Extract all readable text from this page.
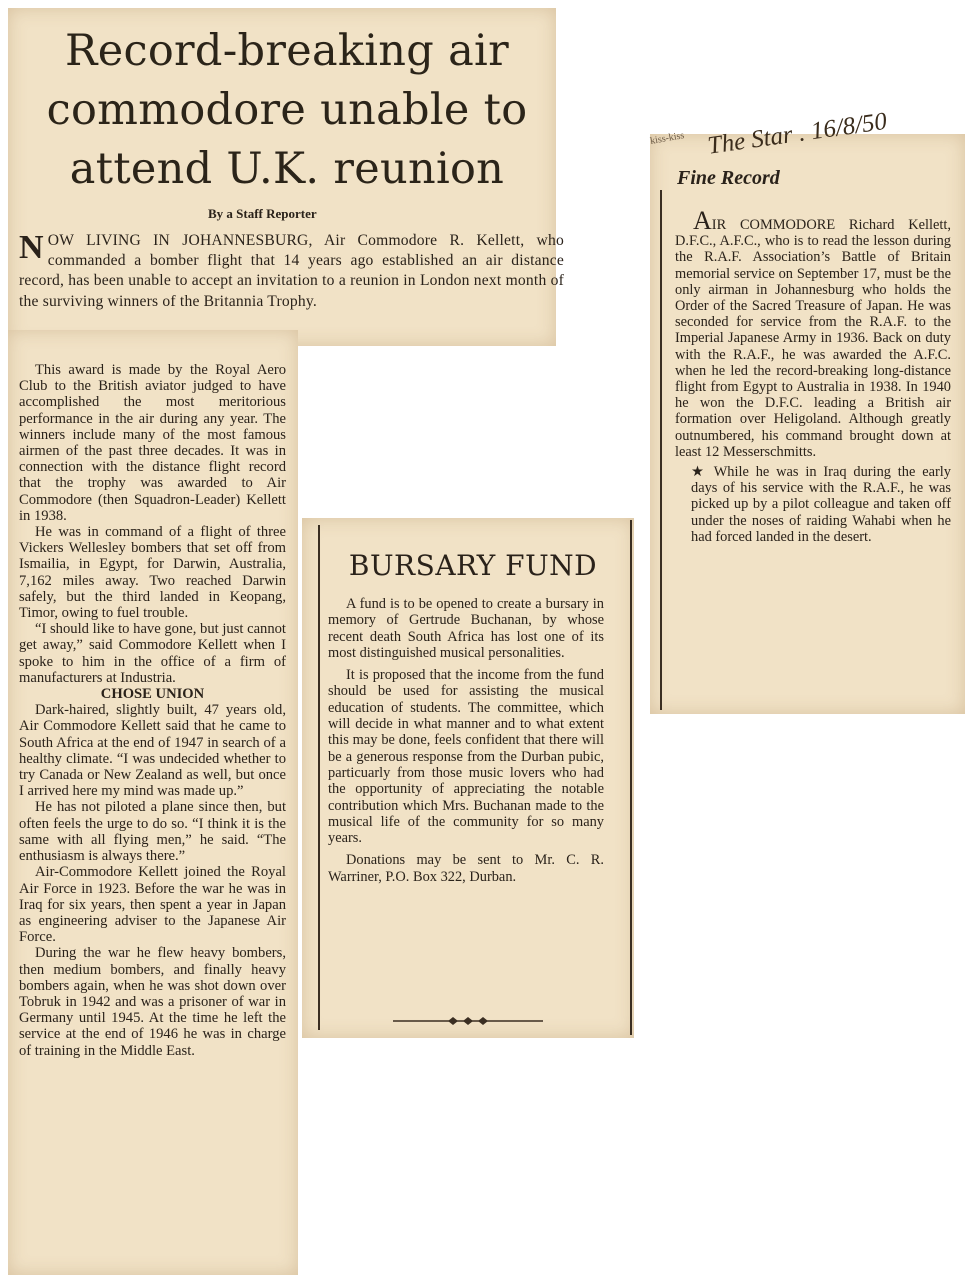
Record-breaking air
commodore unable to
attend U.K. reunion
By a Staff Reporter
NOW LIVING IN JOHANNESBURG, Air Commodore R. Kellett, who commanded a bomber flight that 14 years ago established an air distance record, has been unable to accept an invitation to a reunion in London next month of the surviving winners of the Britannia Trophy.

This award is made by the Royal Aero Club to the British aviator judged to have accomplished the most meritorious performance in the air during any year. The winners include many of the most famous airmen of the past three decades. It was in connection with the distance flight record that the trophy was awarded to Air Commodore (then Squadron-Leader) Kellett in 1938.

He was in command of a flight of three Vickers Wellesley bombers that set off from Ismailia, in Egypt, for Darwin, Australia, 7,162 miles away. Two reached Darwin safely, but the third landed in Keopang, Timor, owing to fuel trouble.

“I should like to have gone, but just cannot get away,” said Commodore Kellett when I spoke to him in the office of a firm of manufacturers at Industria.

CHOSE UNION

Dark-haired, slightly built, 47 years old, Air Commodore Kellett said that he came to South Africa at the end of 1947 in search of a healthy climate. “I was undecided whether to try Canada or New Zealand as well, but once I arrived here my mind was made up.”

He has not piloted a plane since then, but often feels the urge to do so. “I think it is the same with all flying men,” he said. “The enthusiasm is always there.”

Air-Commodore Kellett joined the Royal Air Force in 1923. Before the war he was in Iraq for six years, then spent a year in Japan as engineering adviser to the Japanese Air Force.

During the war he flew heavy bombers, then medium bombers, and finally heavy bombers again, when he was shot down over Tobruk in 1942 and was a prisoner of war in Germany until 1945. At the time he left the service at the end of 1946 he was in charge of training in the Middle East.

BURSARY FUND

A fund is to be opened to create a bursary in memory of Gertrude Buchanan, by whose recent death South Africa has lost one of its most distinguished musical personalities.

It is proposed that the income from the fund should be used for assisting the musical education of students. The committee, which will decide in what manner and to what extent this may be done, feels confident that there will be a generous response from the Durban pubic, particuarly from those music lovers who had the opportunity of appreciating the notable contribution which Mrs. Buchanan made to the musical life of the community for so many years.

Donations may be sent to Mr. C. R. Warriner, P.O. Box 322, Durban.

kiss-kiss The Star . 16/8/50
Fine Record

AIR COMMODORE Richard Kellett, D.F.C., A.F.C., who is to read the lesson during the R.A.F. Association’s Battle of Britain memorial service on September 17, must be the only airman in Johannesburg who holds the Order of the Sacred Treasure of Japan. He was seconded for service from the R.A.F. to the Imperial Japanese Army in 1936. Back on duty with the R.A.F., he was awarded the A.F.C. when he led the record-breaking long-distance flight from Egypt to Australia in 1938. In 1940 he won the D.F.C. leading a British air formation over Heligoland. Although greatly outnumbered, his command brought down at least 12 Messerschmitts.

★ While he was in Iraq during the early days of his service with the R.A.F., he was picked up by a pilot colleague and taken off under the noses of raiding Wahabi when he had forced landed in the desert.
